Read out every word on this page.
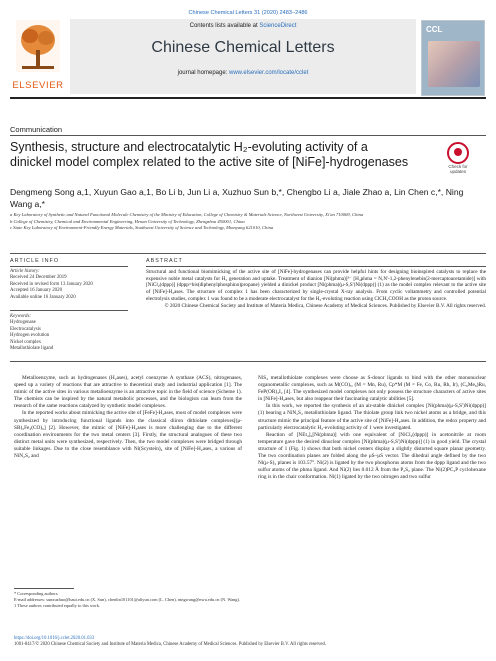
Chinese Chemical Letters 31 (2020) 2483–2486
ELSEVIER
Contents lists available at ScienceDirect
Chinese Chemical Letters
journal homepage: www.elsevier.com/locate/cclet
CCL
Communication
Synthesis, structure and electrocatalytic H₂-evoluting activity of a dinickel model complex related to the active site of [NiFe]-hydrogenases	Check for updates
Dengmeng Song a,1, Xuyun Gao a,1, Bo Li b, Jun Li a, Xuzhuo Sun b,*, Chengbo Li a, Jiale Zhao a, Lin Chen c,*, Ning Wang a,*
a Key Laboratory of Synthetic and Natural Functional Molecule Chemistry of the Ministry of Education, College of Chemistry & Materials Science, Northwest University, Xi'an 710069, China
b College of Chemistry, Chemical and Environmental Engineering, Henan University of Technology, Zhengzhou 450001, China
c State Key Laboratory of Environment-Friendly Energy Materials, Southwest University of Science and Technology, Mianyang 621010, China
ARTICLE INFO
Article history:
Received 24 December 2019
Received in revised form 13 January 2020
Accepted 16 January 2020
Available online 16 January 2020
Keywords:
Hydrogenase
Electrocatalysis
Hydrogen evolution
Nickel complex
Metallothiolate ligand
ABSTRACT
Structural and functional biomimicking of the active site of [NiFe]-hydrogenases can provide helpful hints for designing bioinspired catalysts to replace the expensive noble metal catalysts for H₂ generation and uptake. Treatment of dianion [Ni(phma)]²⁻ [H₄phma = N,N'-1,2-phenylenebis(2-mercaptoacetamide)] with [NiCl₂(dppp)] (dppp=bis(diphenylphosphino)propane) yielded a dinickel product [Ni(phma)(μ-S,S')Ni(dppp)] (1) as the model complex relevant to the active site of [NiFe]-H₂ases. The structure of complex 1 has been characterized by single-crystal X-ray analysis. From cyclic voltammetry and controlled potential electrolysis studies, complex 1 was found to be a moderate electrocatalyst for the H₂-evoluting reaction using ClCH₂COOH as the proton source.
© 2020 Chinese Chemical Society and Institute of Materia Medica, Chinese Academy of Medical Sciences. Published by Elsevier B.V. All rights reserved.

Metalloenzyme, such as hydrogenases (H₂ases), acetyl coenzyme A synthase (ACS), nitrogenases, speed up a variety of reactions that are attractive to theoretical study and industrial application [1]. The mimic of the active sites in various metalloenzyme is an attractive topic in the field of science (Scheme 1). The chemists can be inspired by the natural metabolic processes, and the biologists can learn from the research of the same reactions catalyzed by synthetic model complexes.

In the reported works about mimicking the active site of [FeFe]-H₂ases, most of model complexes were synthesized by introducing functional ligands into the classical diiron dithiolate complexes[(μ-SR)₂Fe₂(CO)₆] [2]. However, the mimic of [NiFe]-H₂ases is more challenging due to the different coordination environments for the two metal centers [3]. Firstly, the structural analogues of these two distinct metal units were synthesized, respectively. Then, the two model complexes were bridged through suitable linkages. Due to the close resemblance with Ni(Scystein)₄ site of [NiFe]-H₂ases, a various of NiN₂S₂ and

NiS₄ metallothiolate complexes were choose as S-donor ligands to bind with the other mononuclear organometallic complexes, such as M(CO)ₓ, (M = Mn, Ru), Cp*M (M = Fe, Co, Ru, Rh, Ir), (C₆Me₆)Ru, FeP(OR)₃I₂ [4]. The synthesized model complexes not only possess the structure characters of active sites in [NiFe]-H₂ases, but also reappear their fascinating catalytic abilities [5].

In this work, we reported the synthesis of an air-stable dinickel complex [Ni(phma)(μ-S,S')Ni(dppp)] (1) bearing a NiN₂S₂ metallothiolate ligand. The thiolate group link two nickel atoms as a bridge, and this structure mimic the principal feature of the active site of [NiFe]-H₂ases. In addition, the redox property and particularly electrocatalytic H₂-evoluting activity of 1 were investigated.

Reaction of [NEt₄]₂[Ni(phma)] with one equivalent of [NiCl₂(dppp)] in acetonitrile at room temperature gave the desired dinuclear complex [Ni(phma)(μ-S,S')Ni(dppp)] (1) in good yield. The crystal structure of 1 (Fig. 1) shows that both nickel centers display a slightly distorted square planar geometry. The two coordination planes are folded along the μS–μS vector. The dihedral angle defined by the two Ni(μ-S)₂ planes is 103.57°. Ni(2) is ligated by the two phosphorus atoms from the dppp ligand and the two sulfur atoms of the phma ligand. And Ni(2) lies 0.012 Å from the P₂S₂ plane. The Ni(2)PC₃P cyclohexane ring is in the chair conformation. Ni(1) ligated by the two nitrogen and two sulfur

* Corresponding authors.
E-mail addresses: sunxuzhuo@haut.edu.cn (X. Sun), chenlin101101@aliyun.com (L. Chen), ningwang@nwu.edu.cn (N. Wang).
1 These authors contributed equally to this work.
https://doi.org/10.1016/j.cclet.2020.01.033
1001-8417/© 2020 Chinese Chemical Society and Institute of Materia Medica, Chinese Academy of Medical Sciences. Published by Elsevier B.V. All rights reserved.
